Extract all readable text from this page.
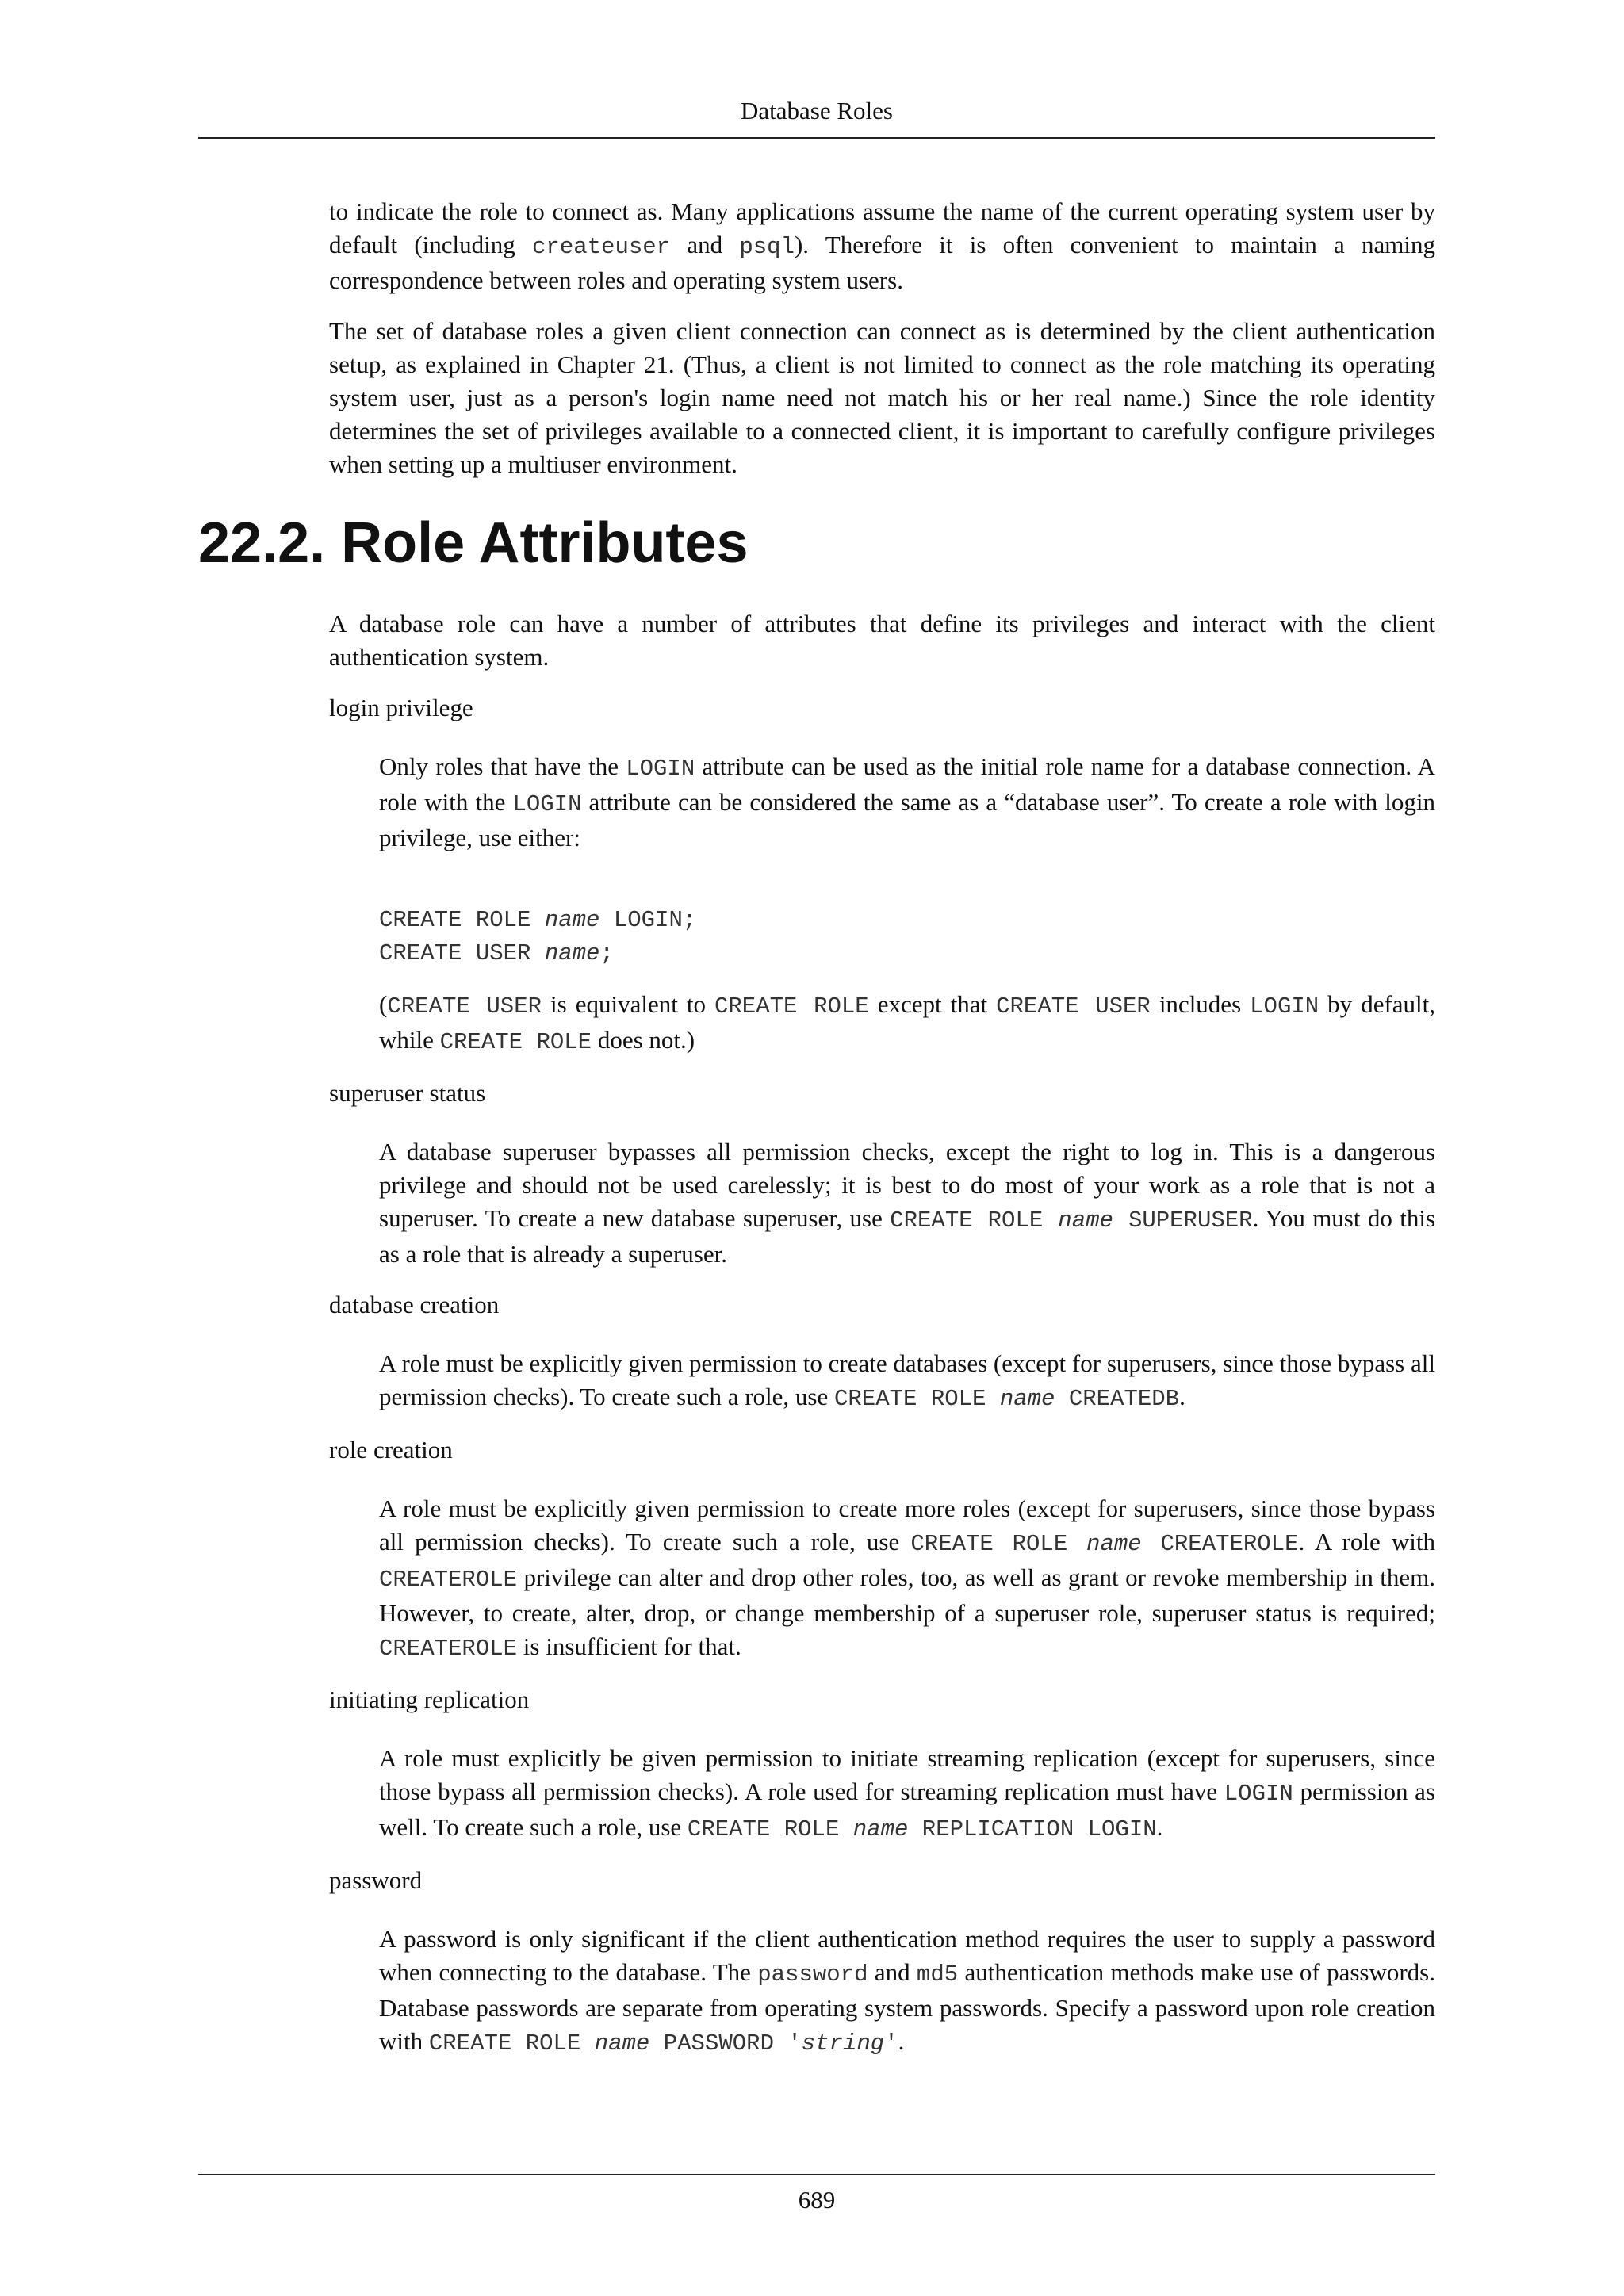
Database Roles

to indicate the role to connect as. Many applications assume the name of the current operating system user by default (including createuser and psql). Therefore it is often convenient to maintain a naming correspondence between roles and operating system users.

The set of database roles a given client connection can connect as is determined by the client authentication setup, as explained in Chapter 21. (Thus, a client is not limited to connect as the role matching its operating system user, just as a person's login name need not match his or her real name.) Since the role identity determines the set of privileges available to a connected client, it is important to carefully configure privileges when setting up a multiuser environment.

22.2. Role Attributes

A database role can have a number of attributes that define its privileges and interact with the client authentication system.

login privilege

Only roles that have the LOGIN attribute can be used as the initial role name for a database connection. A role with the LOGIN attribute can be considered the same as a “database user”. To create a role with login privilege, use either:

CREATE ROLE name LOGIN;
CREATE USER name;

(CREATE USER is equivalent to CREATE ROLE except that CREATE USER includes LOGIN by default, while CREATE ROLE does not.)

superuser status

A database superuser bypasses all permission checks, except the right to log in. This is a dangerous privilege and should not be used carelessly; it is best to do most of your work as a role that is not a superuser. To create a new database superuser, use CREATE ROLE name SUPERUSER. You must do this as a role that is already a superuser.

database creation

A role must be explicitly given permission to create databases (except for superusers, since those bypass all permission checks). To create such a role, use CREATE ROLE name CREATEDB.

role creation

A role must be explicitly given permission to create more roles (except for superusers, since those bypass all permission checks). To create such a role, use CREATE ROLE name CREATEROLE. A role with CREATEROLE privilege can alter and drop other roles, too, as well as grant or revoke membership in them. However, to create, alter, drop, or change membership of a superuser role, superuser status is required; CREATEROLE is insufficient for that.

initiating replication

A role must explicitly be given permission to initiate streaming replication (except for superusers, since those bypass all permission checks). A role used for streaming replication must have LOGIN permission as well. To create such a role, use CREATE ROLE name REPLICATION LOGIN.

password

A password is only significant if the client authentication method requires the user to supply a password when connecting to the database. The password and md5 authentication methods make use of passwords. Database passwords are separate from operating system passwords. Specify a password upon role creation with CREATE ROLE name PASSWORD 'string'.

689
